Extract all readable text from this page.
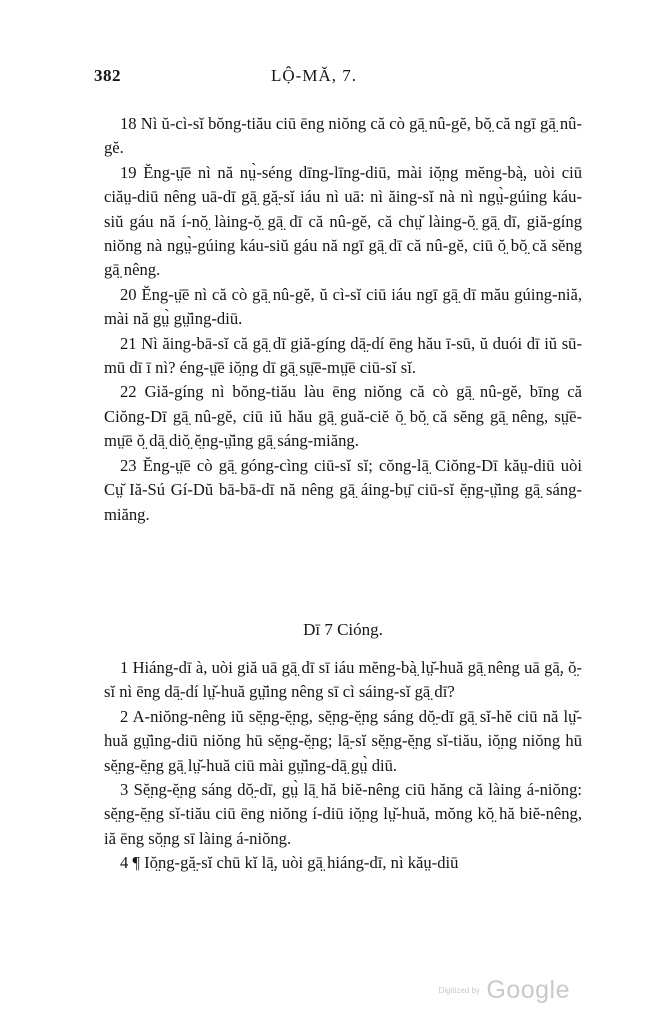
382	LỘ-MĂ, 7.

18 Nì ŭ-cì-sĭ bŏng-tiău ciū ēng niŏng că cò gā̤ nû-gĕ, bŏ̤ că ngī gā̤ nû-gĕ.

19 Ĕng-ṳ̄ē nì nă nṳ̀-séng dīng-līng-diū, mài iŏ̤ng mĕng-bà̤, uòi ciū ciăṳ-diū nêng uā-dī gā̤ gă̤-sĭ iáu nì uā: nì ăing-sĭ nà nì ngṳ̀-gúing káu-siŭ gáu nă í-nŏ̤ làing-ŏ̤ gā̤ dī că nû-gĕ, că chṳ̆ làing-ŏ̤ gā̤ dī, giă-gíng niŏng nà ngṳ̀-gúing káu-siŭ gáu nă ngī gā̤ dī că nû-gĕ, ciū ŏ̤ bŏ̤ că sĕng gā̤ nêng.

20 Ĕng-ṳ̄ē nì că cò gā̤ nû-gĕ, ŭ cì-sĭ ciū iáu ngī gā̤ dī mău gúing-niă, mài nă gṳ̀ gṳ̆ing-diū.

21 Nì ăing-bā-sĭ că gā̤ dī giă-gíng dā̤-dí ēng hău ī-sū, ŭ duói dī iŭ sū-mū dī ī nì? éng-ṳ̄ē iŏ̤ng dī gā̤ sṳ̄ē-mṳ̄ē ciū-sĭ sĭ.

22 Giă-gíng nì bŏng-tiău làu ēng niŏng că cò gā̤ nû-gĕ, bīng că Ciŏng-Dī gā̤ nû-gĕ, ciū iŭ hău gā̤ guă-ciĕ ŏ̤ bŏ̤ că sĕng gā̤ nêng, sṳ̄ē-mṳ̄ē ŏ̤ dā̤ diŏ̤ ĕ̤ng-ṳ̆ing gā̤ sáng-miăng.

23 Ĕng-ṳ̄ē cò gā̤ góng-cìng ciū-sĭ sĭ; cŏng-lā̤ Ciŏng-Dī kăṳ-diū uòi Cṳ̆ Iă-Sú Gí-Dŭ bā-bā-dī nă nêng gā̤ áing-bṳ̄ ciū-sĭ ĕ̤ng-ṳ̆ing gā̤ sáng-miăng.

Dī 7 Cióng.

1 Hiáng-dī à, uòi giă uā gā̤ dī sī iáu mĕng-bà̤ lṳ̆-huă gā̤ nêng uā gā̤, ŏ̤-sĭ nì ēng dā̤-dí lṳ̆-huă gṳ̆ing nêng sī cì sáing-sĭ gā̤ dī?

2 A-niŏng-nêng iŭ sĕ̤ng-ĕ̤ng, sĕ̤ng-ĕ̤ng sáng dŏ̤-dī gā̤ sĭ-hĕ ciū nă lṳ̆-huă gṳ̆ing-diū niŏng hū sĕ̤ng-ĕ̤ng; lā̤-sĭ sĕ̤ng-ĕ̤ng sĭ-tiău, iŏ̤ng niŏng hū sĕ̤ng-ĕ̤ng gā̤ lṳ̆-huă ciū mài gṳ̆ing-dā̤ gṳ̀ diū.

3 Sĕ̤ng-ĕ̤ng sáng dŏ̤-dī, gṳ̀ lā̤ hă biĕ-nêng ciū hăng că làing á-niŏng: sĕ̤ng-ĕ̤ng sĭ-tiău ciū ēng niŏng í-diū iŏ̤ng lṳ̆-huă, mŏng kŏ̤ hă biĕ-nêng, iă ēng sŏ̤ng sī làing á-niŏng.

4 ¶ Iŏ̤ng-gă̤-sĭ chū kĭ lā̤, uòi gā̤ hiáng-dī, nì kăṳ-diū

Digitized by Google
